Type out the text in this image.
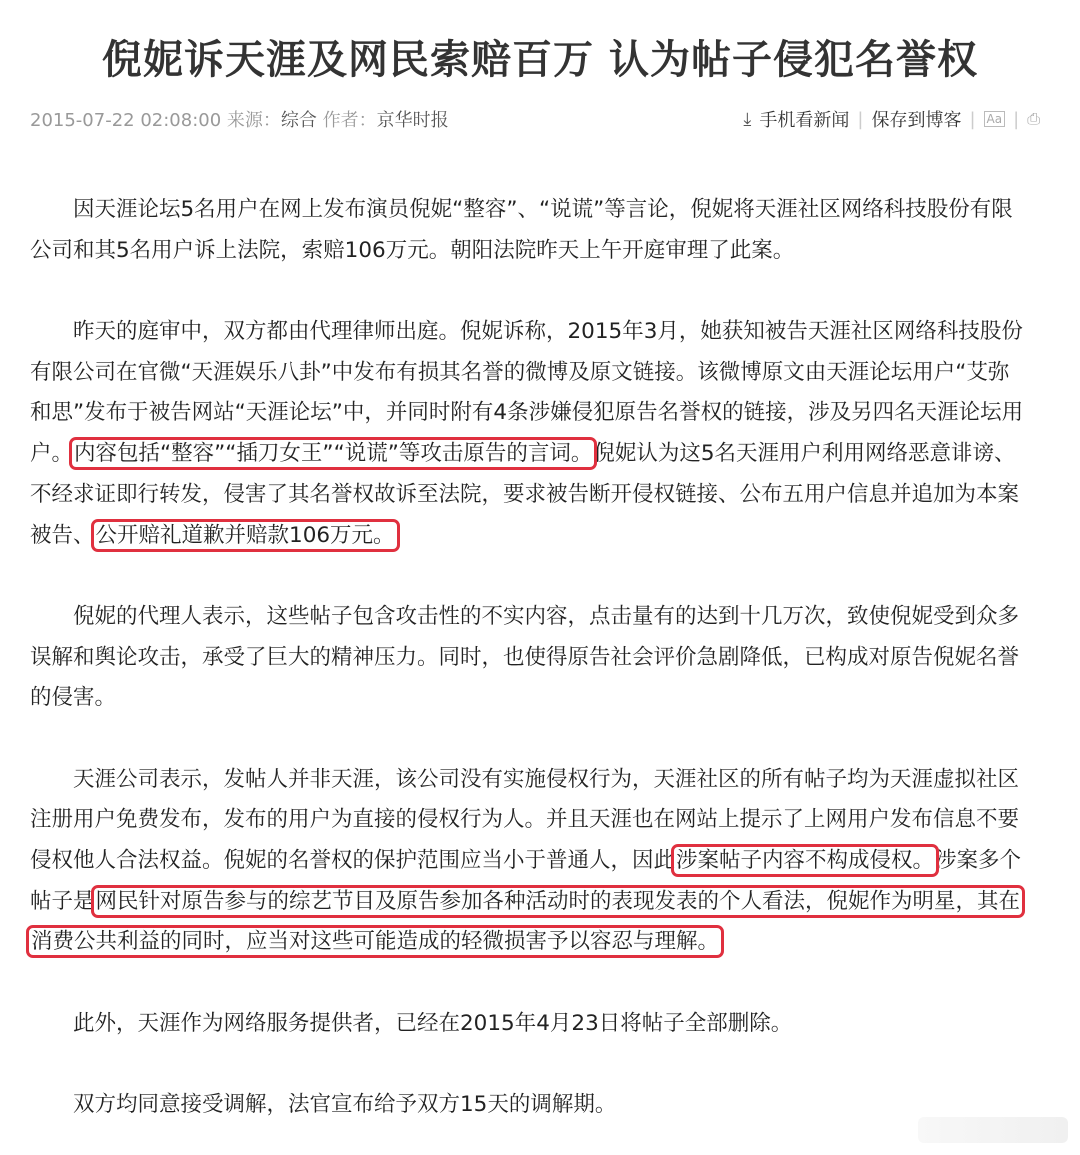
倪妮诉天涯及网民索赔百万 认为帖子侵犯名誉权
2015-07-22 02:08:00 来源：综合 作者：京华时报	⤓ 手机看新闻 | 保存到博客 | Aa | ⎙
　　因天涯论坛5名用户在网上发布演员倪妮“整容”、“说谎”等言论，倪妮将天涯社区网络科技股份有限
公司和其5名用户诉上法院，索赔106万元。朝阳法院昨天上午开庭审理了此案。
　　昨天的庭审中，双方都由代理律师出庭。倪妮诉称，2015年3月，她获知被告天涯社区网络科技股份
有限公司在官微“天涯娱乐八卦”中发布有损其名誉的微博及原文链接。该微博原文由天涯论坛用户“艾弥
和思”发布于被告网站“天涯论坛”中，并同时附有4条涉嫌侵犯原告名誉权的链接，涉及另四名天涯论坛用
户。内容包括“整容”“插刀女王”“说谎”等攻击原告的言词。倪妮认为这5名天涯用户利用网络恶意诽谤、
不经求证即行转发，侵害了其名誉权故诉至法院，要求被告断开侵权链接、公布五用户信息并追加为本案
被告、公开赔礼道歉并赔款106万元。
　　倪妮的代理人表示，这些帖子包含攻击性的不实内容，点击量有的达到十几万次，致使倪妮受到众多
误解和舆论攻击，承受了巨大的精神压力。同时，也使得原告社会评价急剧降低，已构成对原告倪妮名誉
的侵害。
　　天涯公司表示，发帖人并非天涯，该公司没有实施侵权行为，天涯社区的所有帖子均为天涯虚拟社区
注册用户免费发布，发布的用户为直接的侵权行为人。并且天涯也在网站上提示了上网用户发布信息不要
侵权他人合法权益。倪妮的名誉权的保护范围应当小于普通人，因此涉案帖子内容不构成侵权。涉案多个
帖子是网民针对原告参与的综艺节目及原告参加各种活动时的表现发表的个人看法，倪妮作为明星，其在
消费公共利益的同时，应当对这些可能造成的轻微损害予以容忍与理解。
　　此外，天涯作为网络服务提供者，已经在2015年4月23日将帖子全部删除。
　　双方均同意接受调解，法官宣布给予双方15天的调解期。
